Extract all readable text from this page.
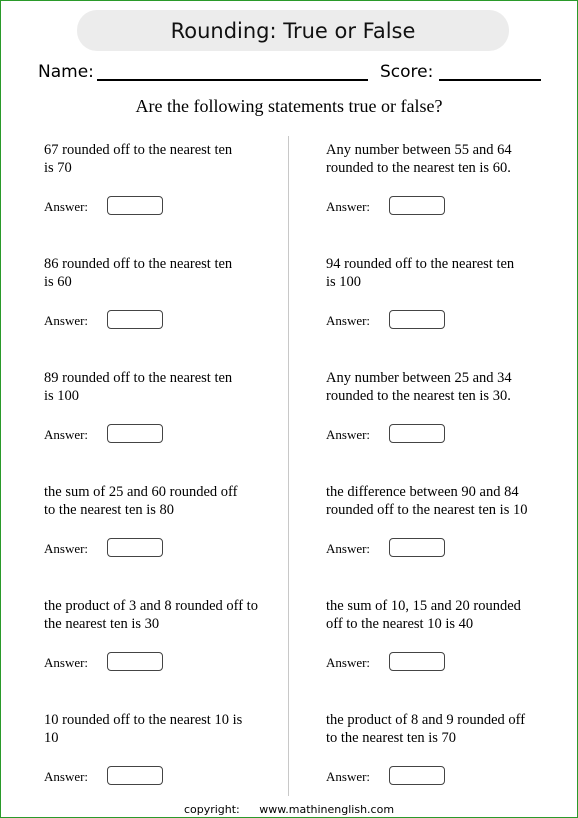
Rounding: True or False
Name:	Score:
Are the following statements true or false?
67 rounded off to the nearest ten
is 70
Answer:
86 rounded off to the nearest ten
is 60
Answer:
89 rounded off to the nearest ten
is 100
Answer:
the sum of 25 and 60 rounded off
to the nearest ten is 80
Answer:
the product of 3 and 8 rounded off to
the nearest ten is 30
Answer:
10 rounded off to the nearest 10 is
10
Answer:
Any number between 55 and 64
rounded to the nearest ten is 60.
Answer:
94 rounded off to the nearest ten
is 100
Answer:
Any number between 25 and 34
rounded to the nearest ten is 30.
Answer:
the difference between 90 and 84
rounded off to the nearest ten is 10
Answer:
the sum of 10, 15 and 20 rounded
off to the nearest 10 is 40
Answer:
the product of 8 and 9 rounded off
to the nearest ten is 70
Answer:
copyright: www.mathinenglish.com
